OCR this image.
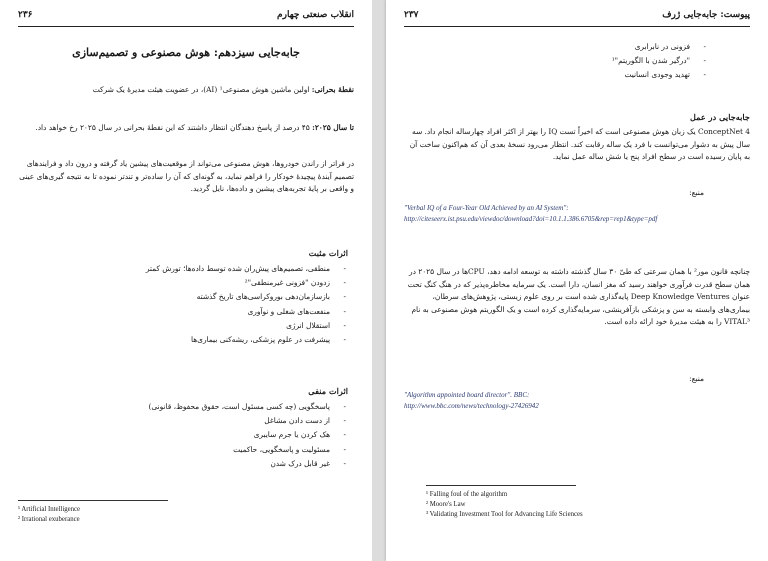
انقلاب صنعتی چهارم
۲۳۶
جابه‌جایی سیزدهم: هوش مصنوعی و تصمیم‌سازی
نقطهٔ بحرانی: اولین ماشین هوش مصنوعی¹ (AI)، در عضویت هیئت مدیرهٔ یک شرکت
تا سال ۲۰۲۵: ۴۵ درصد از پاسخ دهندگان انتظار داشتند که این نقطهٔ بحرانی در سال ۲۰۲۵ رخ خواهد داد.
در فراتر از راندن خودروها، هوش مصنوعی می‌تواند از موقعیت‌های پیشین یاد گرفته و درون داد و فرایندهای تصمیم آیندهٔ پیچیدهٔ خودکار را فراهم نماید، به گونه‌ای که آن را ساده‌تر و تندتر نموده تا به نتیجه گیری‌های عینی و واقعی بر پایهٔ تجربه‌های پیشین و داده‌ها، نایل گردید.
اثرات مثبت
- منطقی، تصمیم‌های پیش‌ران شده توسط داده‌ها؛ تورش کمتر
- زدودن "فزونی غیرمنطقی"²
- بازسازمان‌دهی بوروکراسی‌های تاریخ گذشته
- منفعت‌های شغلی و نوآوری
- استقلال انرژی
- پیشرفت در علوم پزشکی، ریشه‌کنی بیماری‌ها
اثرات منفی
- پاسخگویی (چه کسی مسئول است، حقوق محفوظ، قانونی)
- از دست دادن مشاغل
- هک کردن یا جرم سایبری
- مسئولیت و پاسخگویی، حاکمیت
- غیر قابل درک شدن
¹ Artificial Intelligence
² Irrational exuberance
پیوست: جابه‌جایی ژرف
۲۳۷
- فزونی در نابرابری
- "درگیر شدن با الگوریتم"¹
- تهدید وجودی انسانیت
جابه‌جایی در عمل
ConceptNet 4 یک زبان هوش مصنوعی است که اخیراً تست IQ را بهتر از اکثر افراد چهارساله انجام داد. سه سال پیش به دشوار می‌توانست با فرد یک ساله رقابت کند. انتظار می‌رود نسخهٔ بعدی آن که هم‌اکنون ساخت آن به پایان رسیده است در سطح افراد پنج یا شش ساله عمل نماید.
منبع:
"Verbal IQ of a Four-Year Old Achieved by an AI System":
http://citeseerx.ist.psu.edu/viewdoc/download?doi=10.1.1.386.6705&rep=rep1&type=pdf
چنانچه قانون مور² با همان سرعتی که طیّ ۳۰ سال گذشته داشته به توسعه ادامه دهد، CPUها در سال ۲۰۲۵ در همان سطح قدرت فرآوری خواهند رسید که مغز انسان، دارا است. یک سرمایه مخاطره‌پذیر که در هنگ کنگ تحت عنوان Deep Knowledge Ventures پایه‌گذاری شده است بر روی علوم زیستی، پژوهش‌های سرطان، بیماری‌های وابسته به سن و پزشکی بازآفرینشی، سرمایه‌گذاری کرده است و یک الگوریتم هوش مصنوعی به نام VITAL³ را به هیئت مدیرهٔ خود ارائه داده است.
منبع:
"Algorithm appointed board director". BBC:
http://www.bbc.com/news/technology-27426942
¹ Falling foul of the algorithm
² Moore's Law
³ Validating Investment Tool for Advancing Life Sciences
